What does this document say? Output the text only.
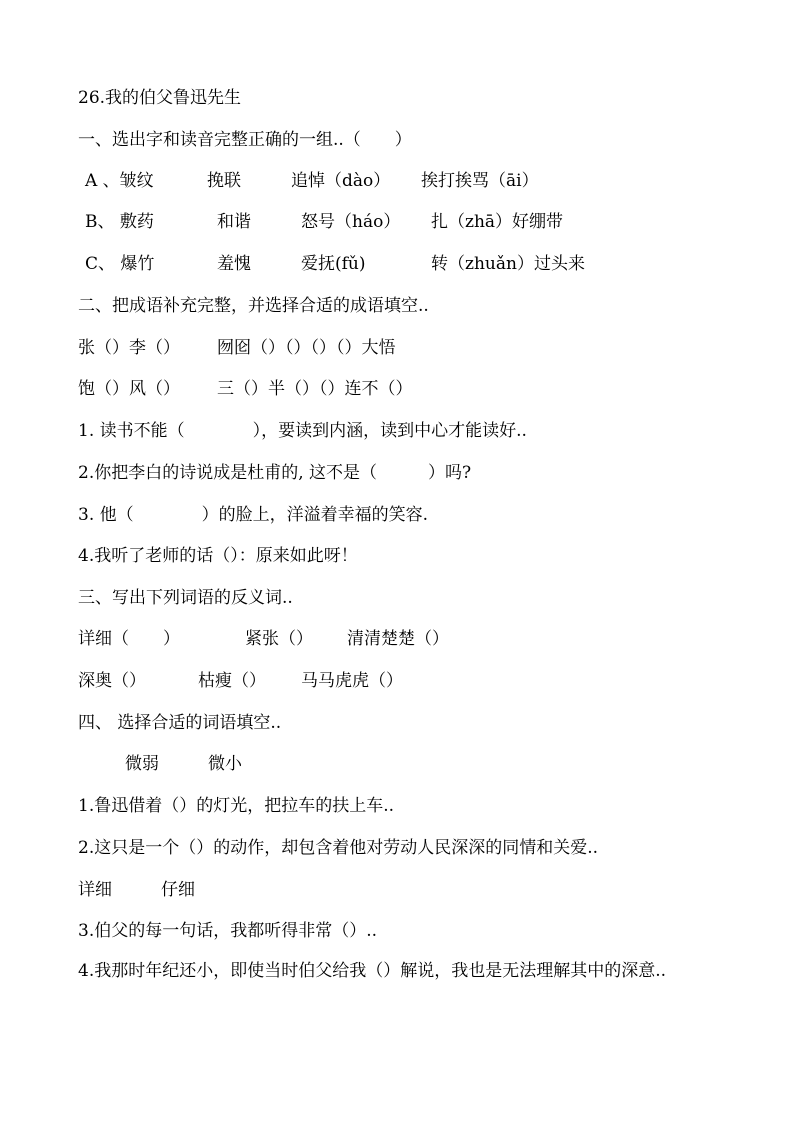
26.我的伯父鲁迅先生
一、选出字和读音完整正确的一组..（　　）
A 、皱纹	挽联	追悼（dào） 挨打挨骂（āi）
B、 敷药	和谐	怒号（háo） 扎（zhā）好绷带
C、 爆竹	羞愧	爱抚(fǔ)	转（zhuǎn）过头来
二、把成语补充完整，并选择合适的成语填空..
张（）李（） 囫囵（）（）（）（）大悟
饱（）风（） 三（）半（）（）连不（）
1. 读书不能（　　　　），要读到内涵，读到中心才能读好..
2.你把李白的诗说成是杜甫的, 这不是（　　　）吗?
3. 他（　　　　）的脸上，洋溢着幸福的笑容.
4.我听了老师的话（）：原来如此呀！
三、写出下列词语的反义词..
详细（　　）	紧张（） 清清楚楚（）
深奥（）	枯瘦（） 马马虎虎（）
四、 选择合适的词语填空..
微弱	微小
1.鲁迅借着（）的灯光，把拉车的扶上车..
2.这只是一个（）的动作，却包含着他对劳动人民深深的同情和关爱..
详细	仔细
3.伯父的每一句话，我都听得非常（）..
4.我那时年纪还小，即使当时伯父给我（）解说，我也是无法理解其中的深意..
